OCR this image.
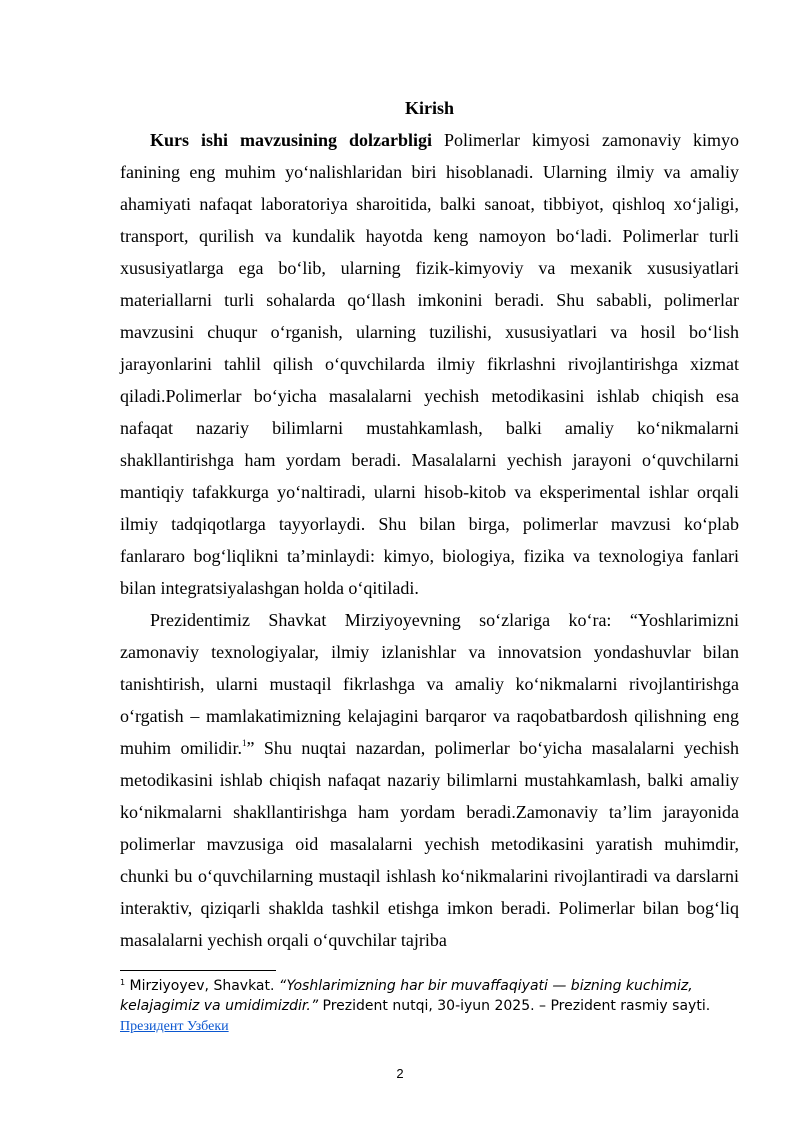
Kirish

Kurs ishi mavzusining dolzarbligi Polimerlar kimyosi zamonaviy kimyo fanining eng muhim yo‘nalishlaridan biri hisoblanadi. Ularning ilmiy va amaliy ahamiyati nafaqat laboratoriya sharoitida, balki sanoat, tibbiyot, qishloq xo‘jaligi, transport, qurilish va kundalik hayotda keng namoyon bo‘ladi. Polimerlar turli xususiyatlarga ega bo‘lib, ularning fizik-kimyoviy va mexanik xususiyatlari materiallarni turli sohalarda qo‘llash imkonini beradi. Shu sababli, polimerlar mavzusini chuqur o‘rganish, ularning tuzilishi, xususiyatlari va hosil bo‘lish jarayonlarini tahlil qilish o‘quvchilarda ilmiy fikrlashni rivojlantirishga xizmat qiladi.Polimerlar bo‘yicha masalalarni yechish metodikasini ishlab chiqish esa nafaqat nazariy bilimlarni mustahkamlash, balki amaliy ko‘nikmalarni shakllantirishga ham yordam beradi. Masalalarni yechish jarayoni o‘quvchilarni mantiqiy tafakkurga yo‘naltiradi, ularni hisob-kitob va eksperimental ishlar orqali ilmiy tadqiqotlarga tayyorlaydi. Shu bilan birga, polimerlar mavzusi ko‘plab fanlararo bog‘liqlikni ta’minlaydi: kimyo, biologiya, fizika va texnologiya fanlari bilan integratsiyalashgan holda o‘qitiladi.

Prezidentimiz Shavkat Mirziyoyevning so‘zlariga ko‘ra: “Yoshlarimizni zamonaviy texnologiyalar, ilmiy izlanishlar va innovatsion yondashuvlar bilan tanishtirish, ularni mustaqil fikrlashga va amaliy ko‘nikmalarni rivojlantirishga o‘rgatish – mamlakatimizning kelajagini barqaror va raqobatbardosh qilishning eng muhim omilidir.$^1$” Shu nuqtai nazardan, polimerlar bo‘yicha masalalarni yechish metodikasini ishlab chiqish nafaqat nazariy bilimlarni mustahkamlash, balki amaliy ko‘nikmalarni shakllantirishga ham yordam beradi.Zamonaviy ta’lim jarayonida polimerlar mavzusiga oid masalalarni yechish metodikasini yaratish muhimdir, chunki bu o‘quvchilarning mustaqil ishlash ko‘nikmalarini rivojlantiradi va darslarni interaktiv, qiziqarli shaklda tashkil etishga imkon beradi. Polimerlar bilan bog‘liq masalalarni yechish orqali o‘quvchilar tajriba

$^1$ Mirziyoyev, Shavkat. “Yoshlarimizning har bir muvaffaqiyati — bizning kuchimiz, kelajagimiz va umidimizdir.” Prezident nutqi, 30-iyun 2025. – Prezident rasmiy sayti.
Президент Узбеки
2
